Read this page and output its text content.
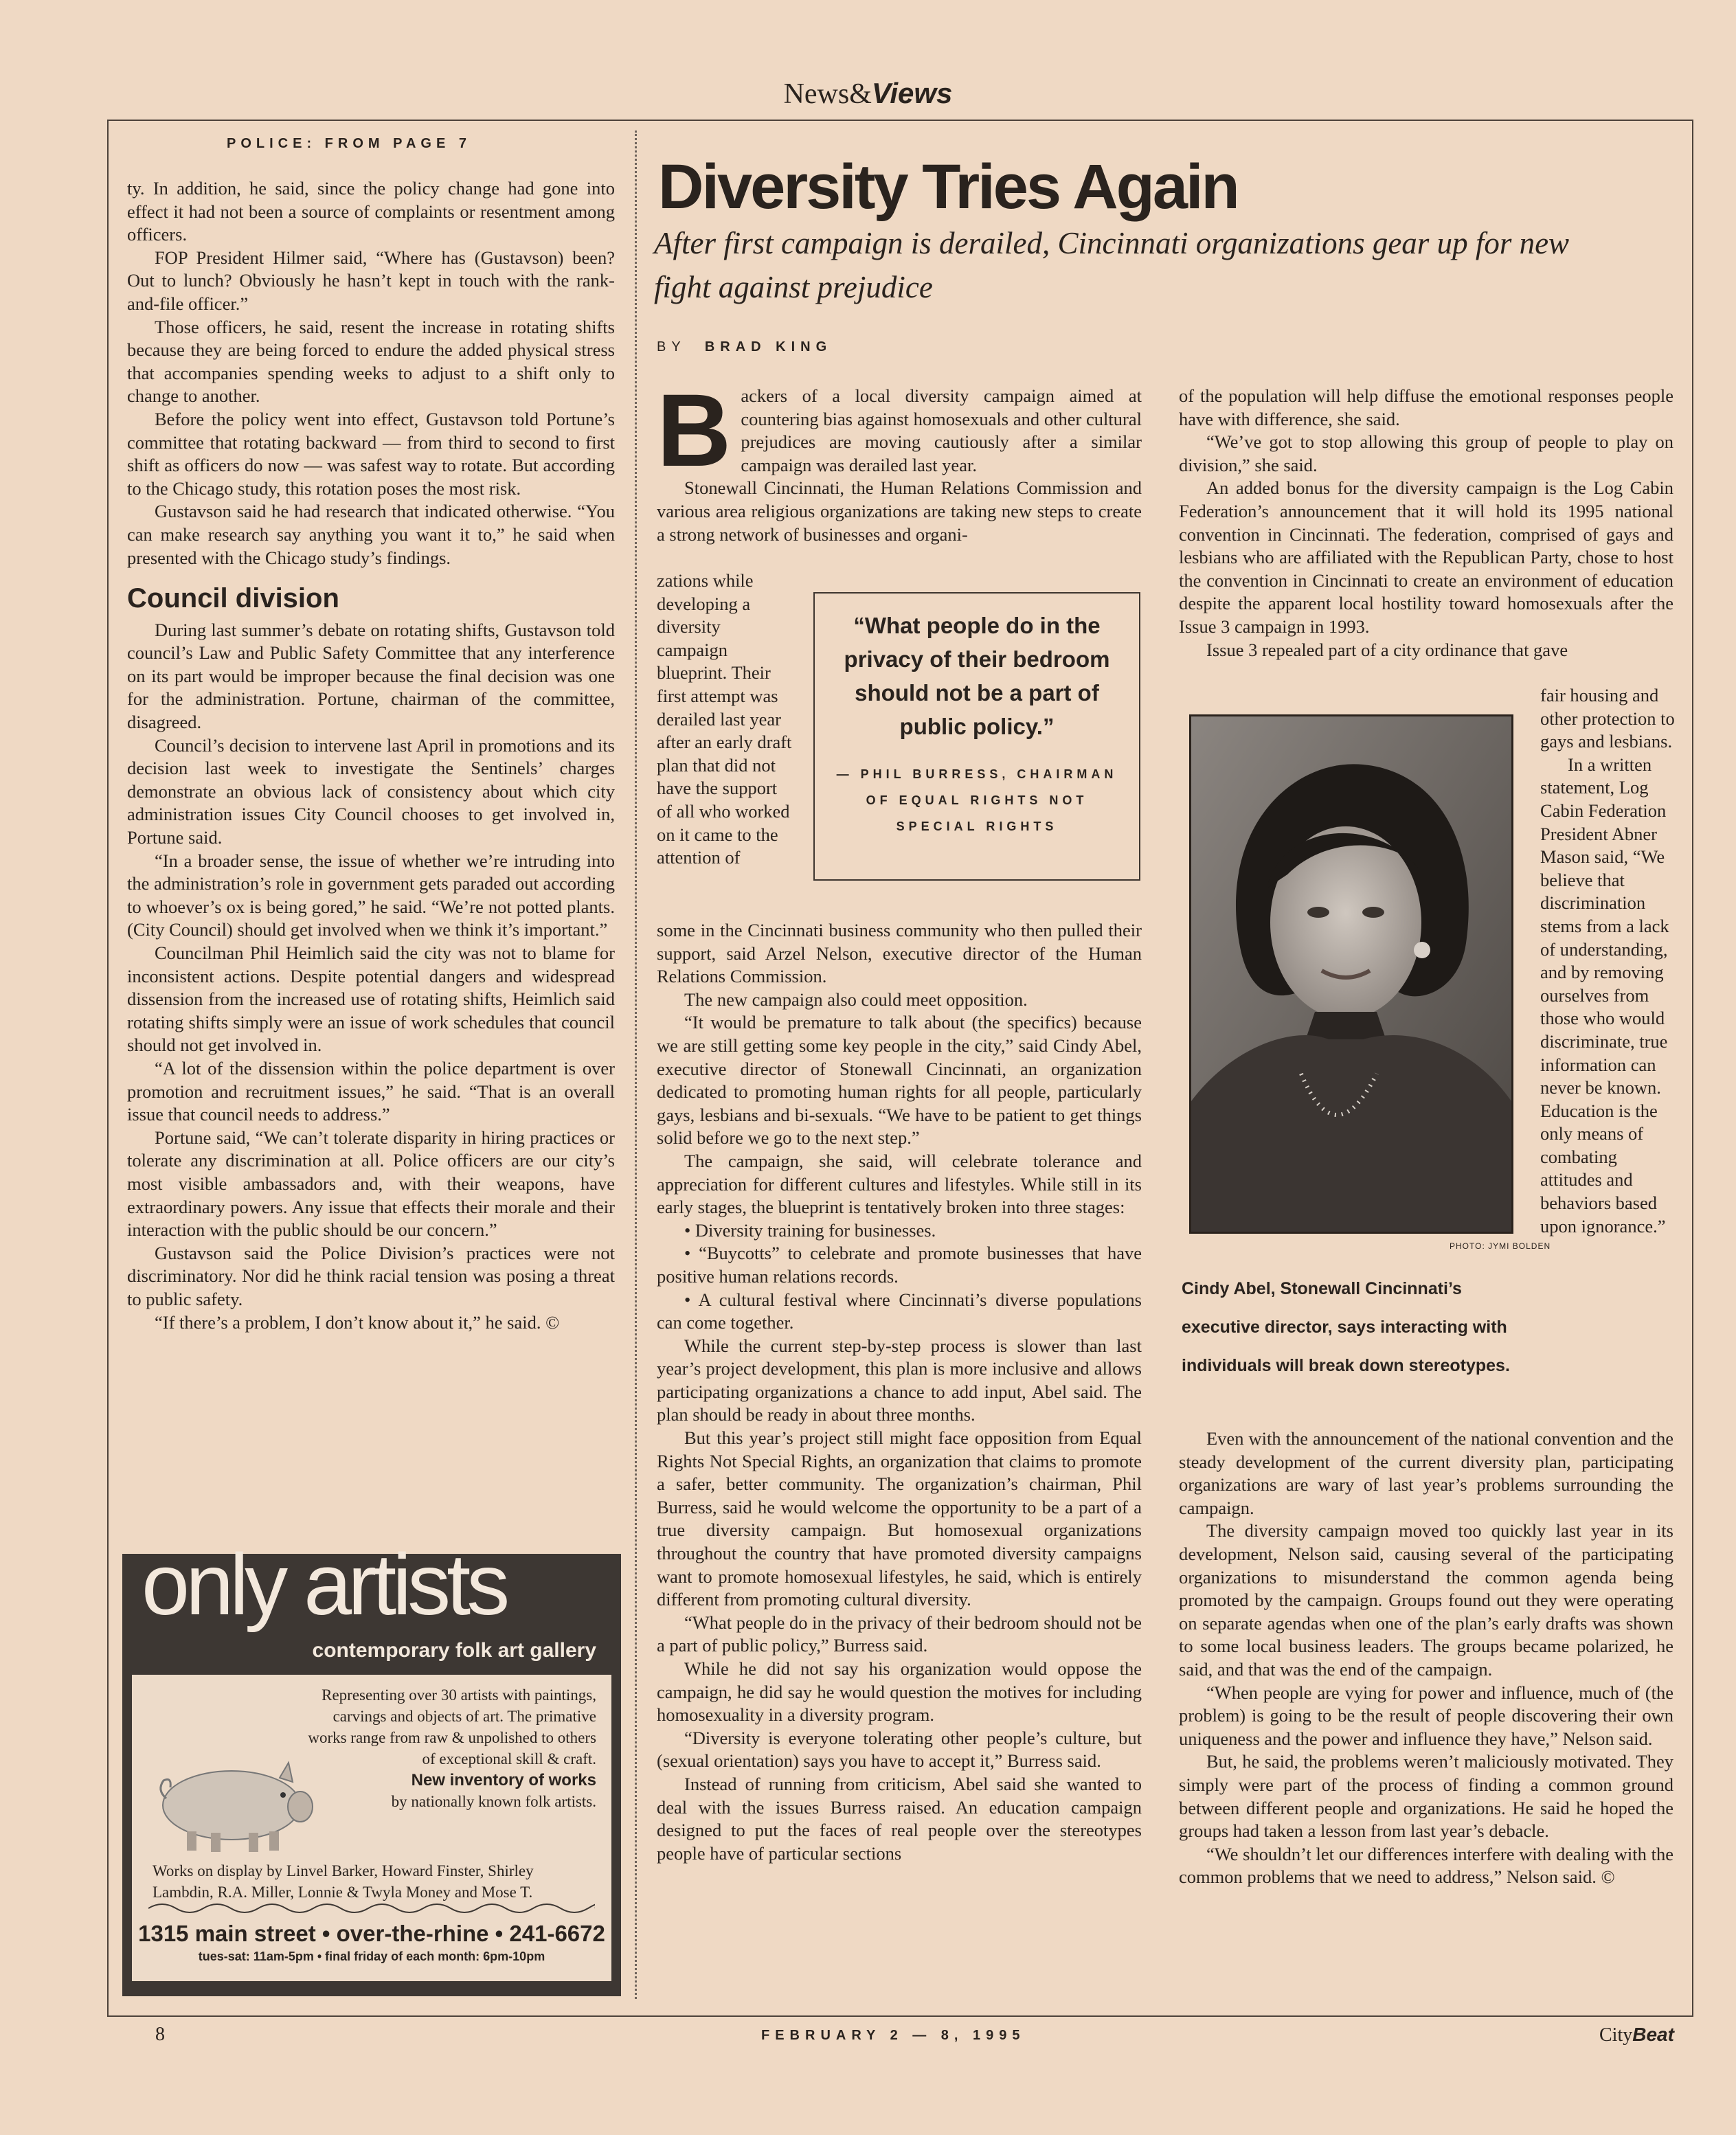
News&Views
POLICE: FROM PAGE 7

ty. In addition, he said, since the policy change had gone into effect it had not been a source of complaints or resentment among officers.

FOP President Hilmer said, “Where has (Gustavson) been? Out to lunch? Obviously he hasn’t kept in touch with the rank-and-file officer.”

Those officers, he said, resent the increase in rotating shifts because they are being forced to endure the added physical stress that accompanies spending weeks to adjust to a shift only to change to another.

Before the policy went into effect, Gustavson told Portune’s committee that rotating backward — from third to second to first shift as officers do now — was safest way to rotate. But according to the Chicago study, this rotation poses the most risk.

Gustavson said he had research that indicated otherwise. “You can make research say anything you want it to,” he said when presented with the Chicago study’s findings.

Council division

During last summer’s debate on rotating shifts, Gustavson told council’s Law and Public Safety Committee that any interference on its part would be improper because the final decision was one for the administration. Portune, chairman of the committee, disagreed.

Council’s decision to intervene last April in promotions and its decision last week to investigate the Sentinels’ charges demonstrate an obvious lack of consistency about which city administration issues City Council chooses to get involved in, Portune said.

“In a broader sense, the issue of whether we’re intruding into the administration’s role in government gets paraded out according to whoever’s ox is being gored,” he said. “We’re not potted plants. (City Council) should get involved when we think it’s important.”

Councilman Phil Heimlich said the city was not to blame for inconsistent actions. Despite potential dangers and widespread dissension from the increased use of rotating shifts, Heimlich said rotating shifts simply were an issue of work schedules that council should not get involved in.

“A lot of the dissension within the police department is over promotion and recruitment issues,” he said. “That is an overall issue that council needs to address.”

Portune said, “We can’t tolerate disparity in hiring practices or tolerate any discrimination at all. Police officers are our city’s most visible ambassadors and, with their weapons, have extraordinary powers. Any issue that effects their morale and their interaction with the public should be our concern.”

Gustavson said the Police Division’s practices were not discriminatory. Nor did he think racial tension was posing a threat to public safety.

“If there’s a problem, I don’t know about it,” he said. ©

only artists
contemporary folk art gallery
Representing over 30 artists with paintings, carvings and objects of art. The primative works range from raw & unpolished to others of exceptional skill & craft.
New inventory of works
by nationally known folk artists.
Works on display by Linvel Barker, Howard Finster, Shirley Lambdin, R.A. Miller, Lonnie & Twyla Money and Mose T.
1315 main street • over-the-rhine • 241-6672
tues-sat: 11am-5pm • final friday of each month: 6pm-10pm
Diversity Tries Again
After first campaign is derailed, Cincinnati organizations gear up for new fight against prejudice
BY BRAD KING

Backers of a local diversity campaign aimed at countering bias against homosexuals and other cultural prejudices are moving cautiously after a similar campaign was derailed last year.

Stonewall Cincinnati, the Human Relations Commission and various area religious organizations are taking new steps to create a strong network of businesses and organi-

zations while developing a diversity campaign blueprint. Their first attempt was derailed last year after an early draft plan that did not have the support of all who worked on it came to the attention of
“What people do in the privacy of their bedroom should not be a part of public policy.”
— PHIL BURRESS, CHAIRMAN OF EQUAL RIGHTS NOT SPECIAL RIGHTS

some in the Cincinnati business community who then pulled their support, said Arzel Nelson, executive director of the Human Relations Commission.

The new campaign also could meet opposition.

“It would be premature to talk about (the specifics) because we are still getting some key people in the city,” said Cindy Abel, executive director of Stonewall Cincinnati, an organization dedicated to promoting human rights for all people, particularly gays, lesbians and bi-sexuals. “We have to be patient to get things solid before we go to the next step.”

The campaign, she said, will celebrate tolerance and appreciation for different cultures and lifestyles. While still in its early stages, the blueprint is tentatively broken into three stages:

• Diversity training for businesses.

• “Buycotts” to celebrate and promote businesses that have positive human relations records.

• A cultural festival where Cincinnati’s diverse populations can come together.

While the current step-by-step process is slower than last year’s project development, this plan is more inclusive and allows participating organizations a chance to add input, Abel said. The plan should be ready in about three months.

But this year’s project still might face opposition from Equal Rights Not Special Rights, an organization that claims to promote a safer, better community. The organization’s chairman, Phil Burress, said he would welcome the opportunity to be a part of a true diversity campaign. But homosexual organizations throughout the country that have promoted diversity campaigns want to promote homosexual lifestyles, he said, which is entirely different from promoting cultural diversity.

“What people do in the privacy of their bedroom should not be a part of public policy,” Burress said.

While he did not say his organization would oppose the campaign, he did say he would question the motives for including homosexuality in a diversity program.

“Diversity is everyone tolerating other people’s culture, but (sexual orientation) says you have to accept it,” Burress said.

Instead of running from criticism, Abel said she wanted to deal with the issues Burress raised. An education campaign designed to put the faces of real people over the stereotypes people have of particular sections

of the population will help diffuse the emotional responses people have with difference, she said.

“We’ve got to stop allowing this group of people to play on division,” she said.

An added bonus for the diversity campaign is the Log Cabin Federation’s announcement that it will hold its 1995 national convention in Cincinnati. The federation, comprised of gays and lesbians who are affiliated with the Republican Party, chose to host the convention in Cincinnati to create an environment of education despite the apparent local hostility toward homosexuals after the Issue 3 campaign in 1993.

Issue 3 repealed part of a city ordinance that gave

PHOTO: JYMI BOLDEN
Cindy Abel, Stonewall Cincinnati’s executive director, says interacting with individuals will break down stereotypes.

fair housing and other protection to gays and lesbians.

In a written statement, Log Cabin Federation President Abner Mason said, “We believe that discrimination stems from a lack of understanding, and by removing ourselves from those who would discriminate, true information can never be known. Education is the only means of combating attitudes and behaviors based upon ignorance.”

Even with the announcement of the national convention and the steady development of the current diversity plan, participating organizations are wary of last year’s problems surrounding the campaign.

The diversity campaign moved too quickly last year in its development, Nelson said, causing several of the participating organizations to misunderstand the common agenda being promoted by the campaign. Groups found out they were operating on separate agendas when one of the plan’s early drafts was shown to some local business leaders. The groups became polarized, he said, and that was the end of the campaign.

“When people are vying for power and influence, much of (the problem) is going to be the result of people discovering their own uniqueness and the power and influence they have,” Nelson said.

But, he said, the problems weren’t maliciously motivated. They simply were part of the process of finding a common ground between different people and organizations. He said he hoped the groups had taken a lesson from last year’s debacle.

“We shouldn’t let our differences interfere with dealing with the common problems that we need to address,” Nelson said. ©

8	FEBRUARY 2 — 8, 1995	CityBeat
